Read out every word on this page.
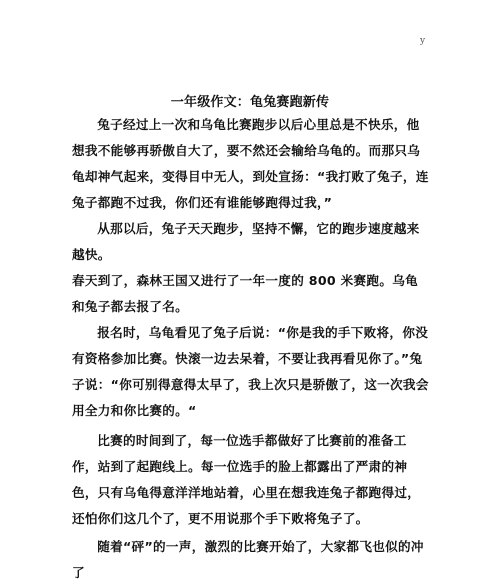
y
一年级作文：龟兔赛跑新传

兔子经过上一次和乌龟比赛跑步以后心里总是不快乐，他想我不能够再骄傲自大了，要不然还会输给乌龟的。而那只乌龟却神气起来，变得目中无人，到处宣扬：“我打败了兔子，连兔子都跑不过我，你们还有谁能够跑得过我，”

从那以后，兔子天天跑步，坚持不懈，它的跑步速度越来越快。

春天到了，森林王国又进行了一年一度的 800 米赛跑。乌龟和兔子都去报了名。

报名时，乌龟看见了兔子后说：“你是我的手下败将，你没有资格参加比赛。快滚一边去呆着，不要让我再看见你了。”兔子说：“你可别得意得太早了，我上次只是骄傲了，这一次我会用全力和你比赛的。“

比赛的时间到了，每一位选手都做好了比赛前的准备工作，站到了起跑线上。每一位选手的脸上都露出了严肃的神色，只有乌龟得意洋洋地站着，心里在想我连兔子都跑得过，还怕你们这几个了，更不用说那个手下败将兔子了。

随着“砰”的一声，激烈的比赛开始了，大家都飞也似的冲了
